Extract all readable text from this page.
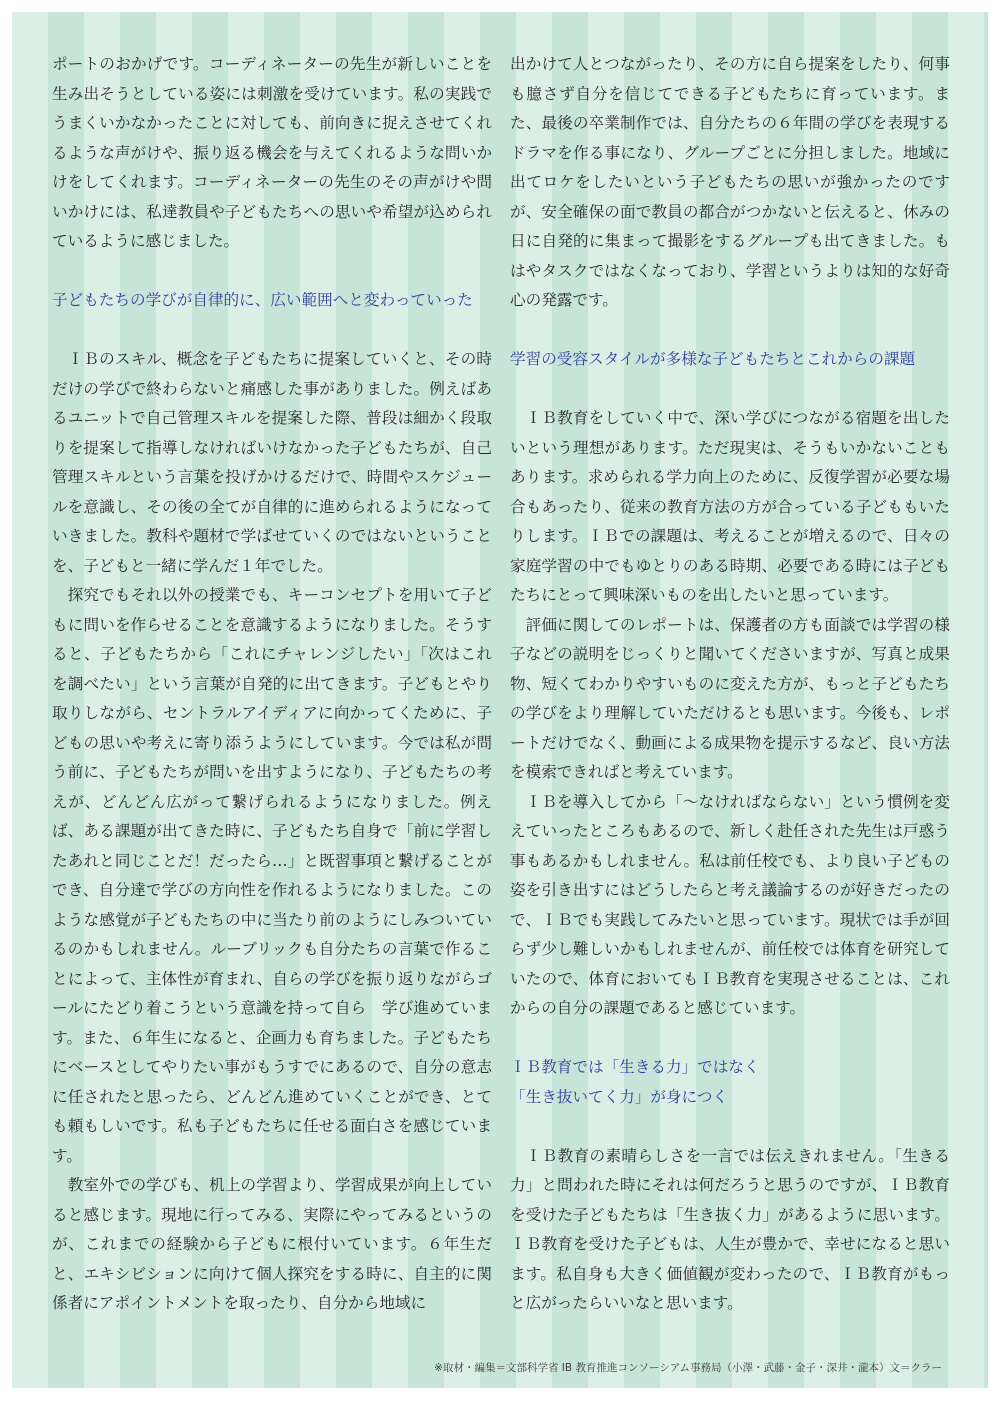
ポートのおかげです。コーディネーターの先生が新しいことを生み出そうとしている姿には刺激を受けています。私の実践でうまくいかなかったことに対しても、前向きに捉えさせてくれるような声がけや、振り返る機会を与えてくれるような問いかけをしてくれます。コーディネーターの先生のその声がけや問いかけには、私達教員や子どもたちへの思いや希望が込められているように感じました。

子どもたちの学びが自律的に、広い範囲へと変わっていった

ＩＢのスキル、概念を子どもたちに提案していくと、その時だけの学びで終わらないと痛感した事がありました。例えばあるユニットで自己管理スキルを提案した際、普段は細かく段取りを提案して指導しなければいけなかった子どもたちが、自己管理スキルという言葉を投げかけるだけで、時間やスケジュールを意識し、その後の全てが自律的に進められるようになっていきました。教科や題材で学ばせていくのではないということを、子どもと一緒に学んだ１年でした。

探究でもそれ以外の授業でも、キーコンセプトを用いて子どもに問いを作らせることを意識するようになりました。そうすると、子どもたちから「これにチャレンジしたい」「次はこれを調べたい」という言葉が自発的に出てきます。子どもとやり取りしながら、セントラルアイディアに向かってくために、子どもの思いや考えに寄り添うようにしています。今では私が問う前に、子どもたちが問いを出すようになり、子どもたちの考えが、どんどん広がって繋げられるようになりました。例えば、ある課題が出てきた時に、子どもたち自身で「前に学習したあれと同じことだ！だったら…」と既習事項と繋げることができ、自分達で学びの方向性を作れるようになりました。このような感覚が子どもたちの中に当たり前のようにしみついているのかもしれません。ルーブリックも自分たちの言葉で作ることによって、主体性が育まれ、自らの学びを振り返りながらゴールにたどり着こうという意識を持って自ら　学び進めています。また、６年生になると、企画力も育ちました。子どもたちにベースとしてやりたい事がもうすでにあるので、自分の意志に任されたと思ったら、どんどん進めていくことができ、とても頼もしいです。私も子どもたちに任せる面白さを感じています。

教室外での学びも、机上の学習より、学習成果が向上していると感じます。現地に行ってみる、実際にやってみるというのが、これまでの経験から子どもに根付いています。６年生だと、エキシビションに向けて個人探究をする時に、自主的に関係者にアポイントメントを取ったり、自分から地域に

出かけて人とつながったり、その方に自ら提案をしたり、何事も臆さず自分を信じてできる子どもたちに育っています。また、最後の卒業制作では、自分たちの６年間の学びを表現するドラマを作る事になり、グループごとに分担しました。地域に出てロケをしたいという子どもたちの思いが強かったのですが、安全確保の面で教員の都合がつかないと伝えると、休みの日に自発的に集まって撮影をするグループも出てきました。もはやタスクではなくなっており、学習というよりは知的な好奇心の発露です。

学習の受容スタイルが多様な子どもたちとこれからの課題

ＩＢ教育をしていく中で、深い学びにつながる宿題を出したいという理想があります。ただ現実は、そうもいかないこともあります。求められる学力向上のために、反復学習が必要な場合もあったり、従来の教育方法の方が合っている子どももいたりします。ＩＢでの課題は、考えることが増えるので、日々の家庭学習の中でもゆとりのある時期、必要である時には子どもたちにとって興味深いものを出したいと思っています。

評価に関してのレポートは、保護者の方も面談では学習の様子などの説明をじっくりと聞いてくださいますが、写真と成果物、短くてわかりやすいものに変えた方が、もっと子どもたちの学びをより理解していただけるとも思います。今後も、レポートだけでなく、動画による成果物を提示するなど、良い方法を模索できればと考えています。

ＩＢを導入してから「〜なければならない」という慣例を変えていったところもあるので、新しく赴任された先生は戸惑う事もあるかもしれません。私は前任校でも、より良い子どもの姿を引き出すにはどうしたらと考え議論するのが好きだったので、ＩＢでも実践してみたいと思っています。現状では手が回らず少し難しいかもしれませんが、前任校では体育を研究していたので、体育においてもＩＢ教育を実現させることは、これからの自分の課題であると感じています。

ＩＢ教育では「生きる力」ではなく
「生き抜いてく力」が身につく

ＩＢ教育の素晴らしさを一言では伝えきれません。「生きる力」と問われた時にそれは何だろうと思うのですが、ＩＢ教育を受けた子どもたちは「生き抜く力」があるように思います。ＩＢ教育を受けた子どもは、人生が豊かで、幸せになると思います。私自身も大きく価値観が変わったので、ＩＢ教育がもっと広がったらいいなと思います。

※取材・編集＝文部科学省 IB 教育推進コンソーシアム事務局（小澤・武藤・金子・深井・瀧本）文＝クラー
